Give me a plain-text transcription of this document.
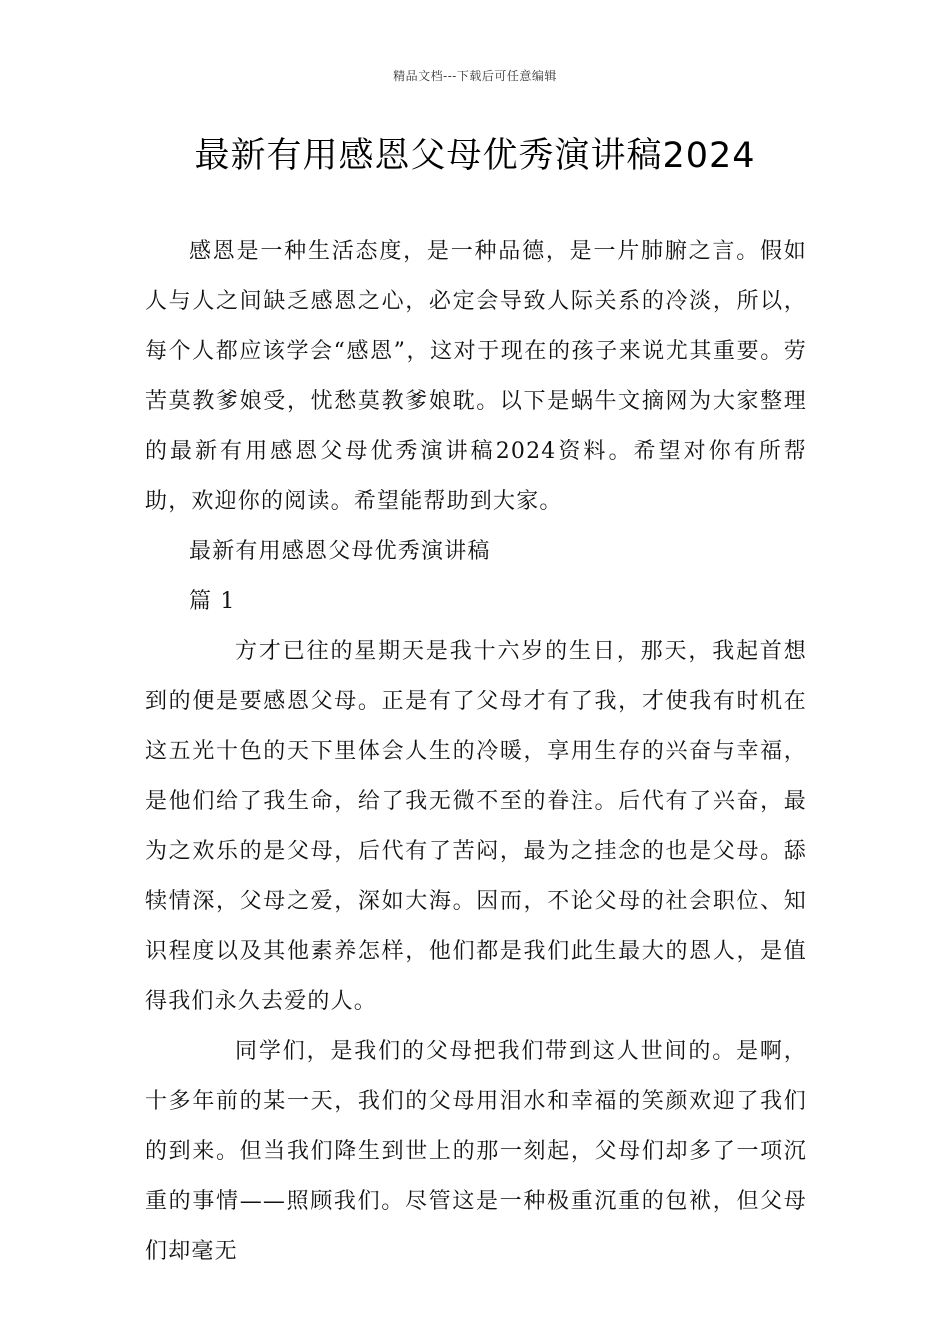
精品文档---下载后可任意编辑
最新有用感恩父母优秀演讲稿2024

感恩是一种生活态度，是一种品德，是一片肺腑之言。假如人与人之间缺乏感恩之心，必定会导致人际关系的冷淡，所以，每个人都应该学会“感恩”，这对于现在的孩子来说尤其重要。劳苦莫教爹娘受，忧愁莫教爹娘耽。以下是蜗牛文摘网为大家整理的最新有用感恩父母优秀演讲稿2024资料。希望对你有所帮助，欢迎你的阅读。希望能帮助到大家。

最新有用感恩父母优秀演讲稿

篇 1

方才已往的星期天是我十六岁的生日，那天，我起首想到的便是要感恩父母。正是有了父母才有了我，才使我有时机在这五光十色的天下里体会人生的冷暖，享用生存的兴奋与幸福，是他们给了我生命，给了我无微不至的眷注。后代有了兴奋，最为之欢乐的是父母，后代有了苦闷，最为之挂念的也是父母。舔犊情深，父母之爱，深如大海。因而，不论父母的社会职位、知识程度以及其他素养怎样，他们都是我们此生最大的恩人，是值得我们永久去爱的人。

同学们，是我们的父母把我们带到这人世间的。是啊，十多年前的某一天，我们的父母用泪水和幸福的笑颜欢迎了我们的到来。但当我们降生到世上的那一刻起，父母们却多了一项沉重的事情——照顾我们。尽管这是一种极重沉重的包袱，但父母们却毫无
